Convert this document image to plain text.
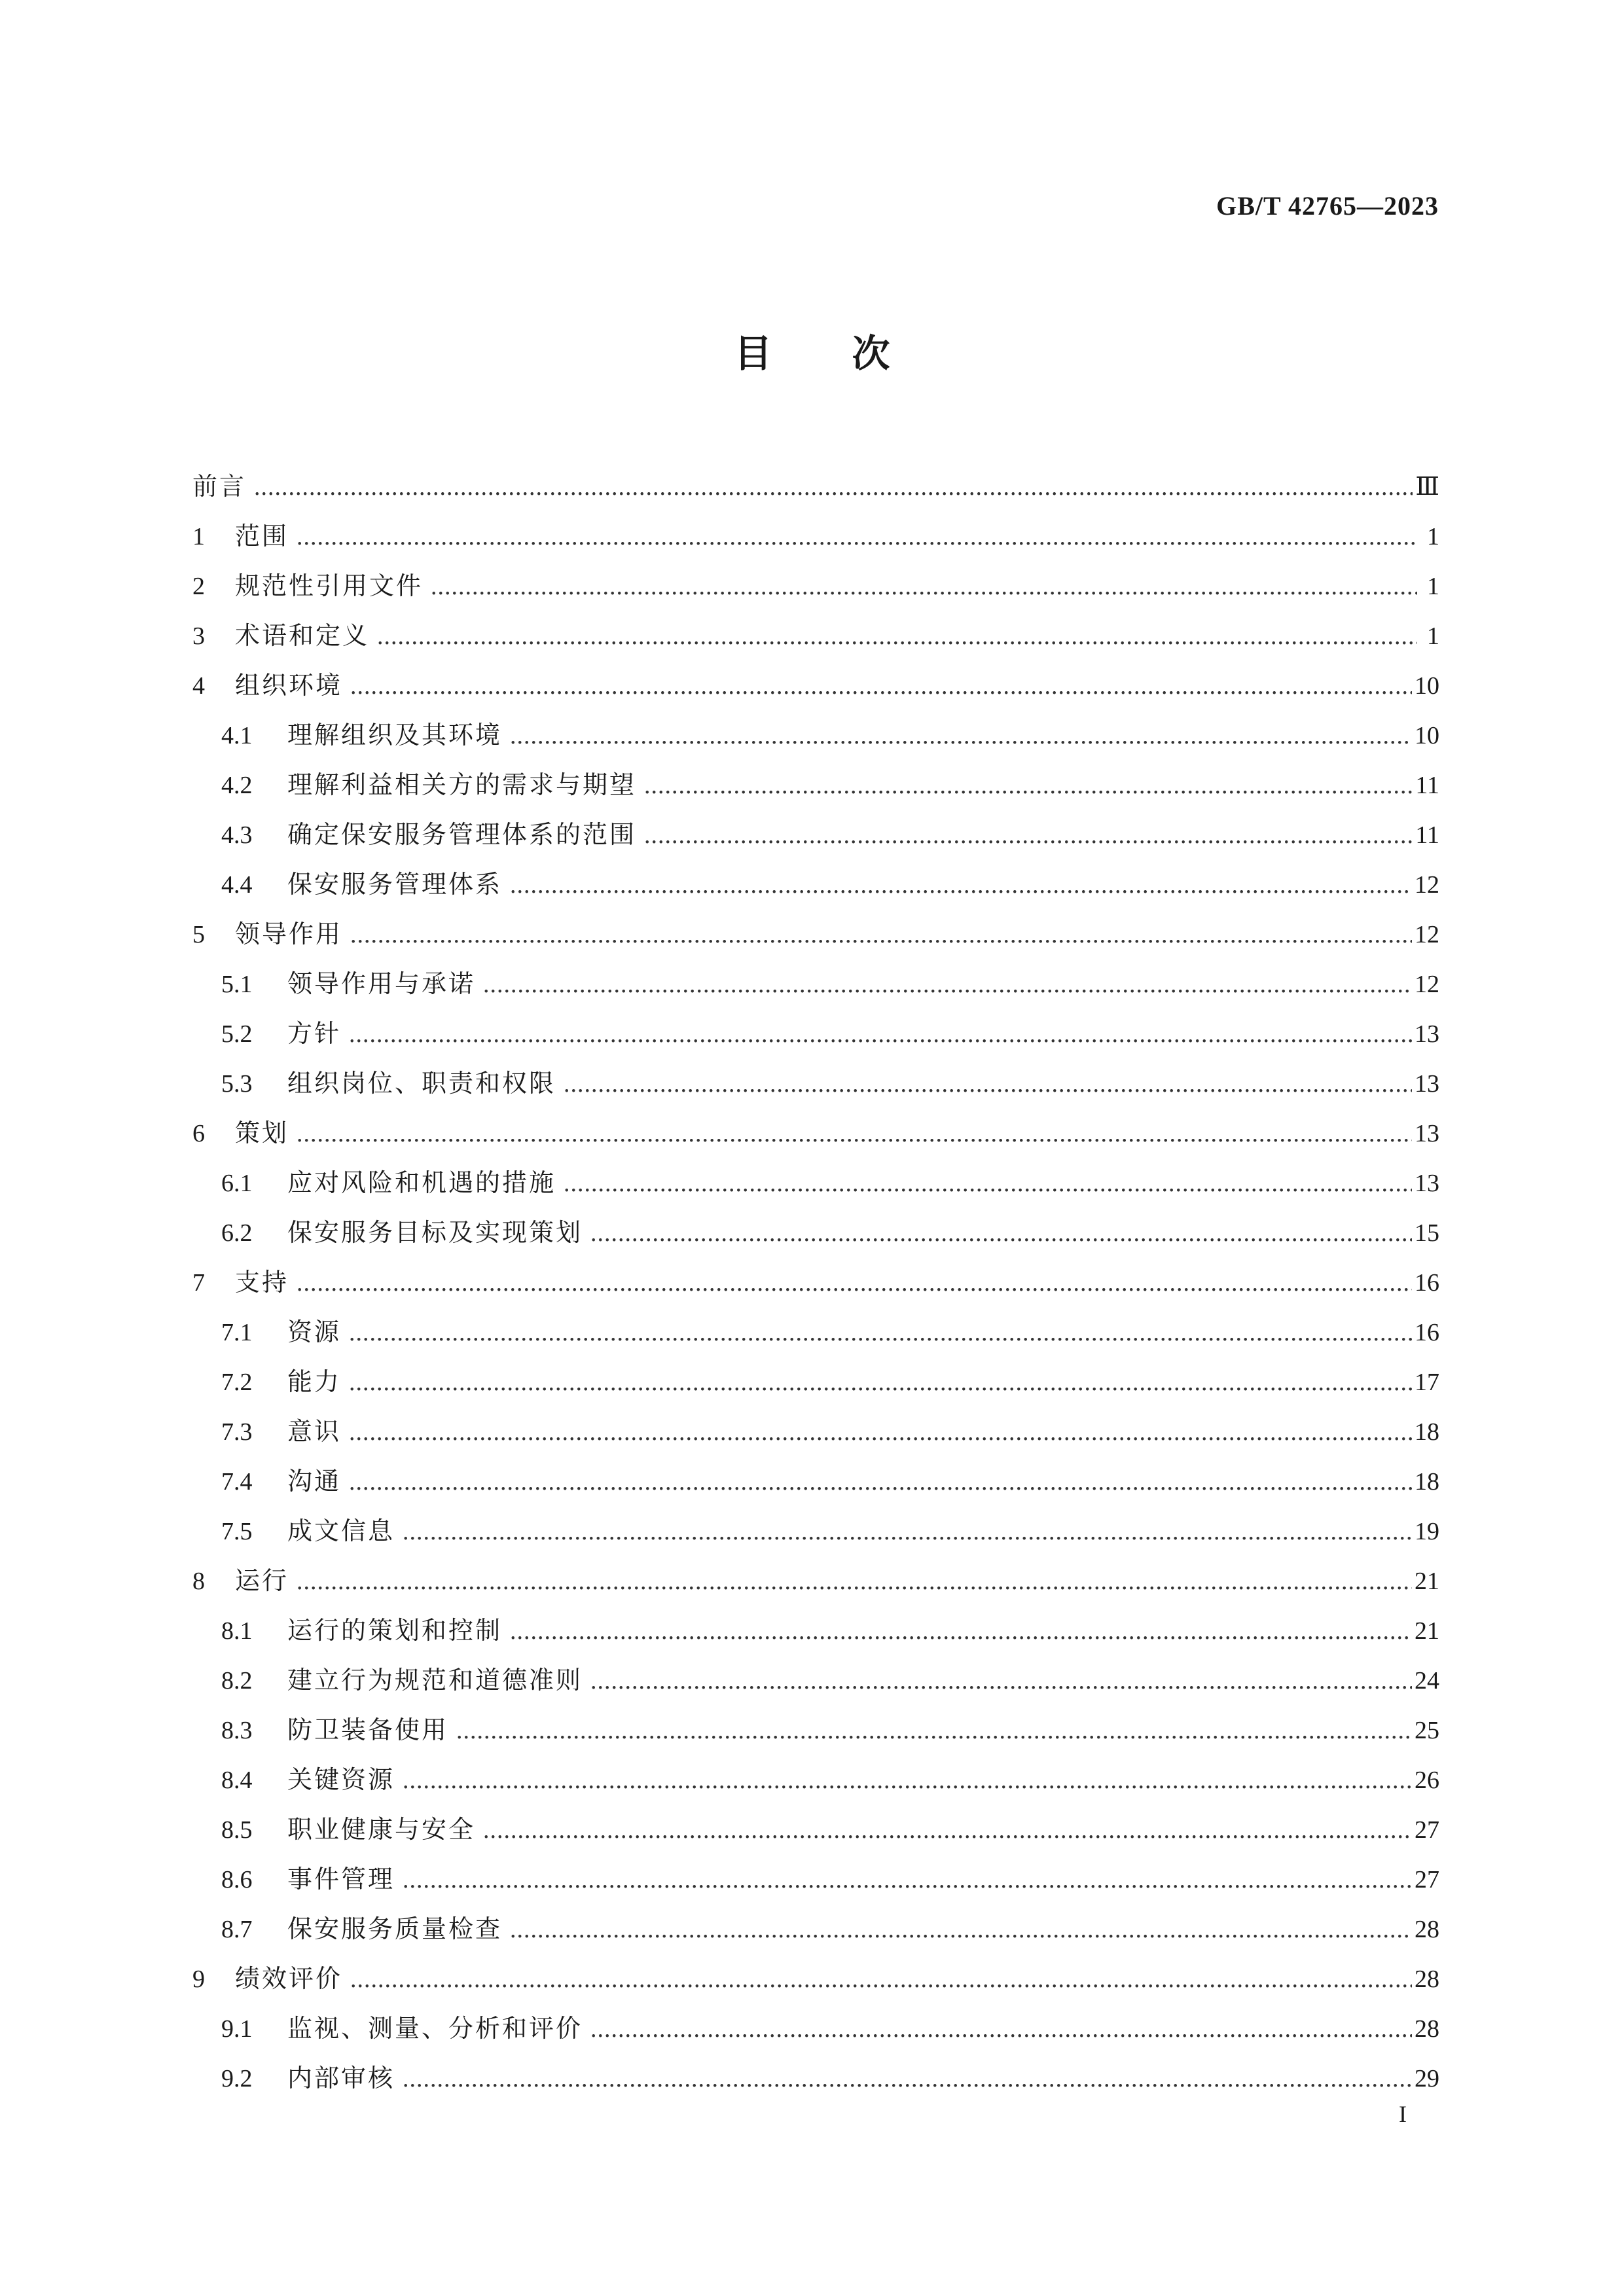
GB/T 42765—2023
目 次
前言 .....	Ⅲ
1	范围 .....	1
2	规范性引用文件 .....	1
3	术语和定义 .....	1
4	组织环境 .....	10
4.1	理解组织及其环境 .....	10
4.2	理解利益相关方的需求与期望 .....	11
4.3	确定保安服务管理体系的范围 .....	11
4.4	保安服务管理体系 .....	12
5	领导作用 .....	12
5.1	领导作用与承诺 .....	12
5.2	方针 .....	13
5.3	组织岗位、职责和权限 .....	13
6	策划 .....	13
6.1	应对风险和机遇的措施 .....	13
6.2	保安服务目标及实现策划 .....	15
7	支持 .....	16
7.1	资源 .....	16
7.2	能力 .....	17
7.3	意识 .....	18
7.4	沟通 .....	18
7.5	成文信息 .....	19
8	运行 .....	21
8.1	运行的策划和控制 .....	21
8.2	建立行为规范和道德准则 .....	24
8.3	防卫装备使用 .....	25
8.4	关键资源 .....	26
8.5	职业健康与安全 .....	27
8.6	事件管理 .....	27
8.7	保安服务质量检查 .....	28
9	绩效评价 .....	28
9.1	监视、测量、分析和评价 .....	28
9.2	内部审核 .....	29
I
